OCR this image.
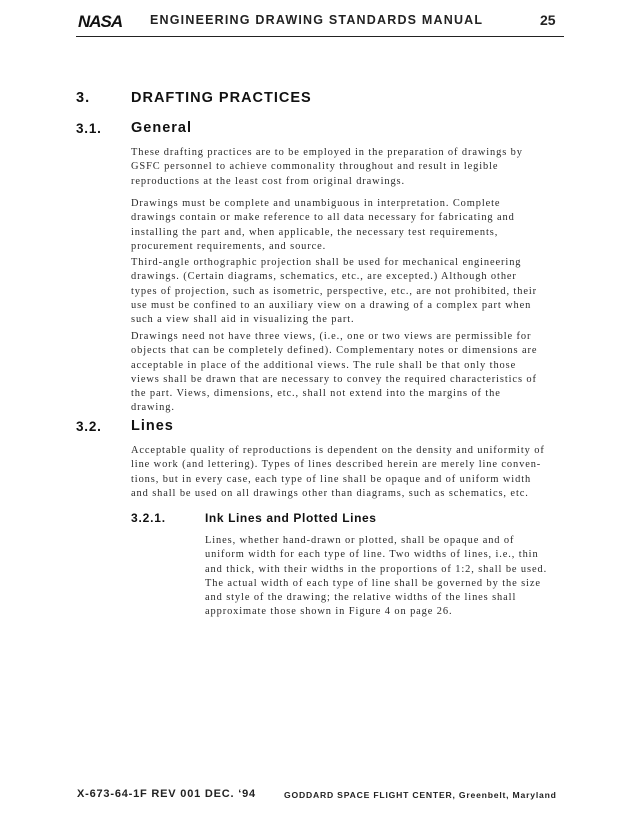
NASA ENGINEERING DRAWING STANDARDS MANUAL	25
3.	DRAFTING PRACTICES
3.1. General

These drafting practices are to be employed in the preparation of drawings by
GSFC personnel to achieve commonality throughout and result in legible
reproductions at the least cost from original drawings.

Drawings must be complete and unambiguous in interpretation. Complete
drawings contain or make reference to all data necessary for fabricating and
installing the part and, when applicable, the necessary test requirements,
procurement requirements, and source.

Third-angle orthographic projection shall be used for mechanical engineering
drawings. (Certain diagrams, schematics, etc., are excepted.) Although other
types of projection, such as isometric, perspective, etc., are not prohibited, their
use must be confined to an auxiliary view on a drawing of a complex part when
such a view shall aid in visualizing the part.

Drawings need not have three views, (i.e., one or two views are permissible for
objects that can be completely defined). Complementary notes or dimensions are
acceptable in place of the additional views. The rule shall be that only those
views shall be drawn that are necessary to convey the required characteristics of
the part. Views, dimensions, etc., shall not extend into the margins of the
drawing.

3.2. Lines

Acceptable quality of reproductions is dependent on the density and uniformity of
line work (and lettering). Types of lines described herein are merely line conven-
tions, but in every case, each type of line shall be opaque and of uniform width
and shall be used on all drawings other than diagrams, such as schematics, etc.

3.2.1.	Ink Lines and Plotted Lines

Lines, whether hand-drawn or plotted, shall be opaque and of
uniform width for each type of line. Two widths of lines, i.e., thin
and thick, with their widths in the proportions of 1:2, shall be used.
The actual width of each type of line shall be governed by the size
and style of the drawing; the relative widths of the lines shall
approximate those shown in Figure 4 on page 26.

X-673-64-1F REV 001 DEC. ‘94	GODDARD SPACE FLIGHT CENTER, Greenbelt, Maryland
